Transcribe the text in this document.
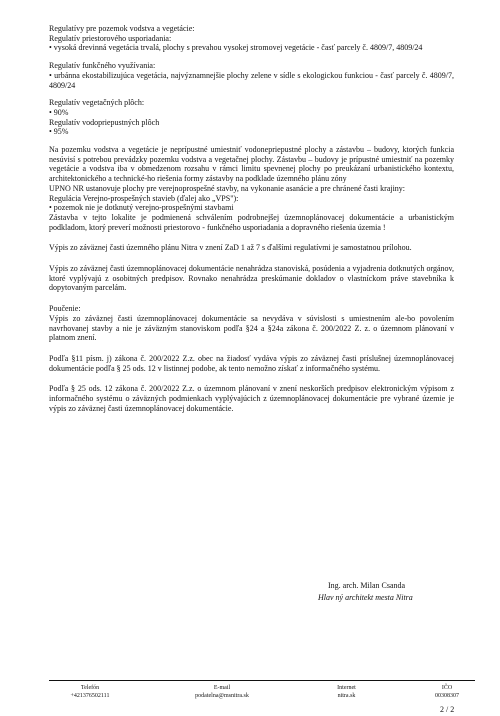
Regulatívy pre pozemok vodstva a vegetácie:

Regulatív priestorového usporiadania:

• vysoká drevinná vegetácia trvalá, plochy s prevahou vysokej stromovej vegetácie - časť parcely č. 4809/7, 4809/24

Regulatív funkčného využívania:

• urbánna ekostabilizujúca vegetácia, najvýznamnejšie plochy zelene v sídle s ekologickou funkciou - časť parcely č. 4809/7, 4809/24

Regulatív vegetačných plôch:

• 90%

Regulatív vodopriepustných plôch

• 95%

Na pozemku vodstva a vegetácie je neprípustné umiestniť vodonepriepustné plochy a zástavbu – budovy, ktorých funkcia nesúvisí s potrebou prevádzky pozemku vodstva a vegetačnej plochy. Zástavbu – budovy je prípustné umiestniť na pozemky vegetácie a vodstva iba v obmedzenom rozsahu v rámci limitu spevnenej plochy po preukázaní urbanistického kontextu, architektonického a technické-ho riešenia formy zástavby na podklade územného plánu zóny

UPNO NR ustanovuje plochy pre verejnoprospešné stavby, na vykonanie asanácie a pre chránené časti krajiny:

Regulácia Verejno-prospešných stavieb (ďalej ako „VPS"):

• pozemok nie je dotknutý verejno-prospešnými stavbami

Zástavba v tejto lokalite je podmienená schválením podrobnejšej územnoplánovacej dokumentácie a urbanistickým podkladom, ktorý preverí možnosti priestorovo - funkčného usporiadania a dopravného riešenia územia !

Výpis zo záväznej časti územného plánu Nitra v znení ZaD 1 až 7 s ďalšími regulatívmi je samostatnou prílohou.

Výpis zo záväznej časti územnoplánovacej dokumentácie nenahrádza stanoviská, posúdenia a vyjadrenia dotknutých orgánov, ktoré vyplývajú z osobitných predpisov. Rovnako nenahrádza preskúmanie dokladov o vlastníckom práve stavebníka k dopytovaným parcelám.

Poučenie:

Výpis zo záväznej časti územnoplánovacej dokumentácie sa nevydáva v súvislosti s umiestnením ale-bo povolením navrhovanej stavby a nie je záväzným stanoviskom podľa §24 a §24a zákona č. 200/2022 Z. z. o územnom plánovaní v platnom znení.

Podľa §11 písm. j) zákona č. 200/2022 Z.z. obec na žiadosť vydáva výpis zo záväznej časti príslušnej územnoplánovacej dokumentácie podľa § 25 ods. 12 v listinnej podobe, ak tento nemožno získať z informačného systému.

Podľa § 25 ods. 12 zákona č. 200/2022 Z.z. o územnom plánovaní v znení neskorších predpisov elektronickým výpisom z informačného systému o záväzných podmienkach vyplývajúcich z územnoplánovacej dokumentácie pre vybrané územie je výpis zo záväznej časti územnoplánovacej dokumentácie.

Ing. arch. Milan Csanda
Hlav ný architekt mesta Nitra
Telefón
+421376502111
E-mail
podatelna@msnitra.sk
Internet
nitra.sk
IČO
00308307
2 / 2
